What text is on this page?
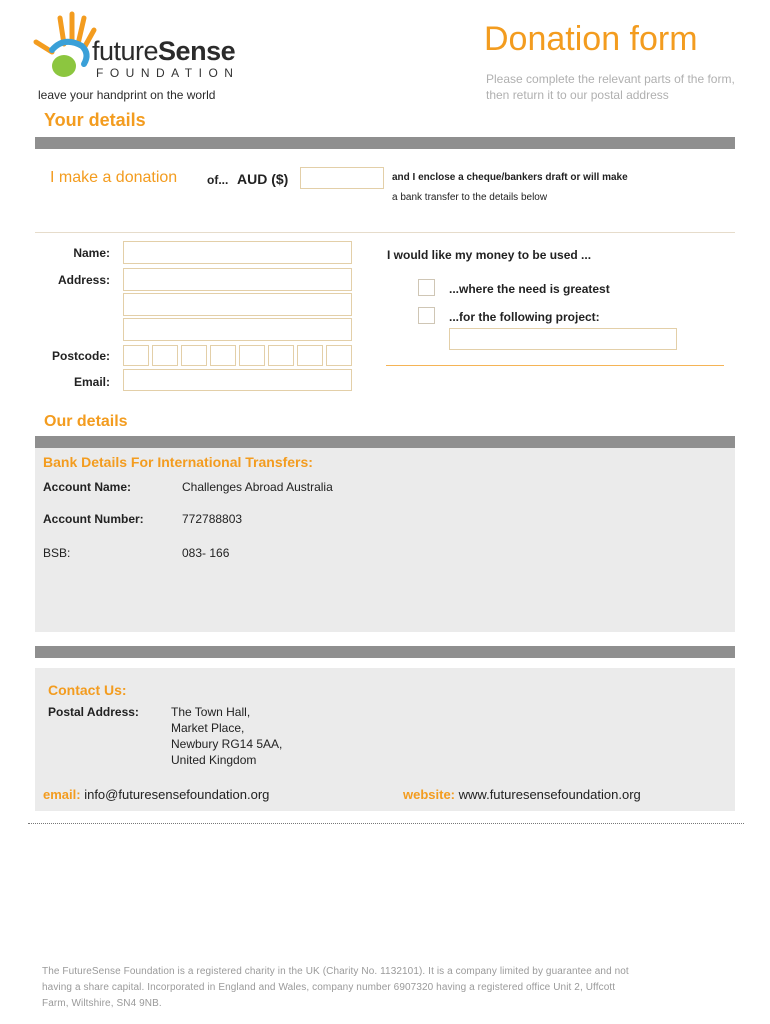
futureSense
FOUNDATION
leave your handprint on the world
Donation form
Please complete the relevant parts of the form,
then return it to our postal address
Your details
I make a donation of... AUD ($)	and I enclose a cheque/bankers draft or will make
a bank transfer to the details below
Name:
Address:
Postcode:
Email:
I would like my money to be used ...
...where the need is greatest
...for the following project:
Our details
Bank Details For International Transfers:
Account Name:	Challenges Abroad Australia
Account Number:	772788803
BSB:	083- 166
Contact Us:
Postal Address:	The Town Hall,
Market Place,
Newbury RG14 5AA,
United Kingdom
email: info@futuresensefoundation.org	website: www.futuresensefoundation.org
The FutureSense Foundation is a registered charity in the UK (Charity No. 1132101). It is a company limited by guarantee and not
having a share capital. Incorporated in England and Wales, company number 6907320 having a registered office Unit 2, Uffcott
Farm, Wiltshire, SN4 9NB.
